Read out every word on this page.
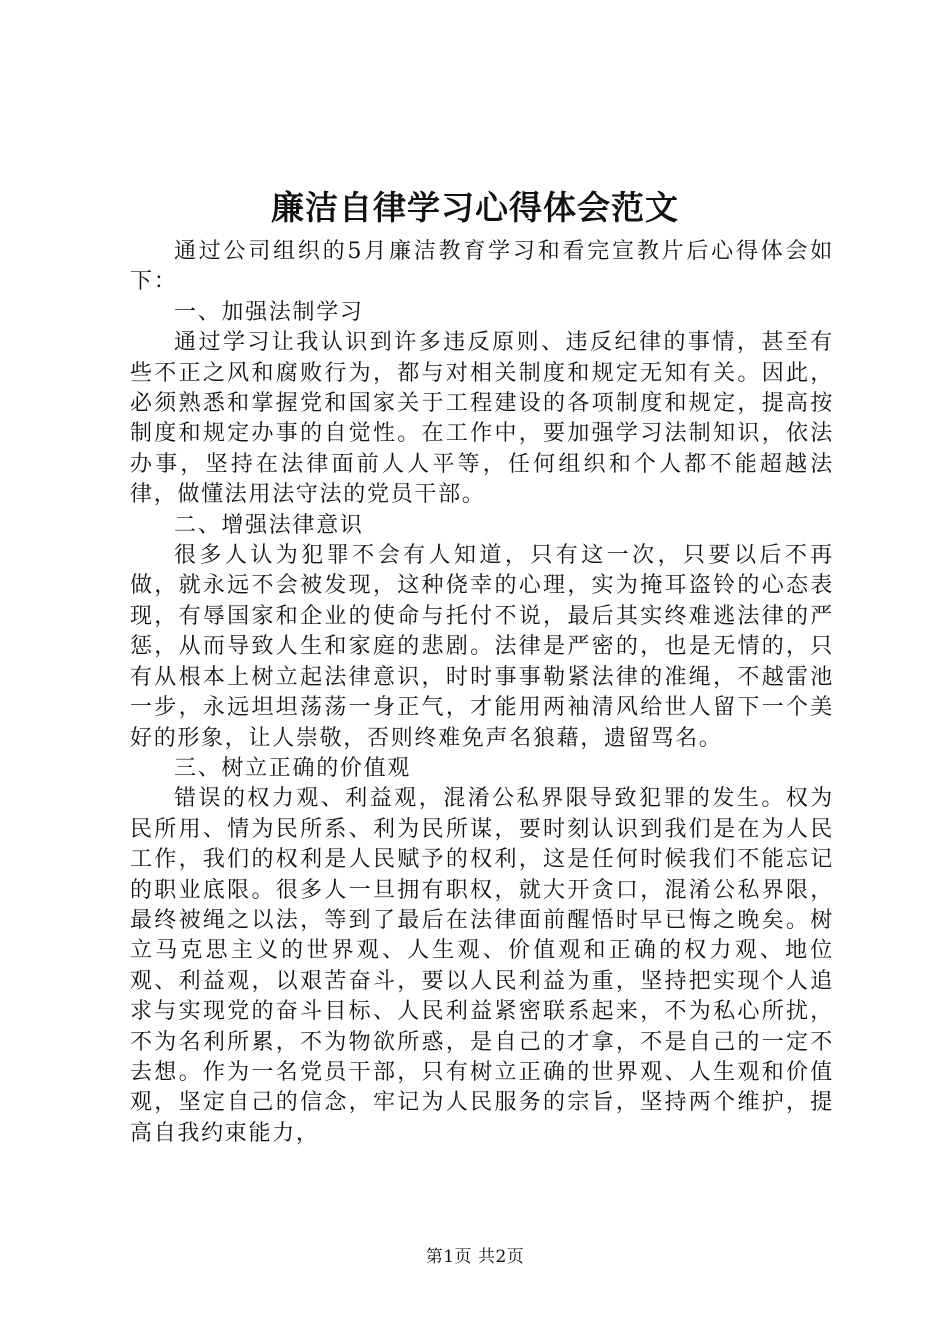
廉洁自律学习心得体会范文

通过公司组织的5月廉洁教育学习和看完宣教片后心得体会如下：

一、加强法制学习

通过学习让我认识到许多违反原则、违反纪律的事情，甚至有些不正之风和腐败行为，都与对相关制度和规定无知有关。因此，必须熟悉和掌握党和国家关于工程建设的各项制度和规定，提高按制度和规定办事的自觉性。在工作中，要加强学习法制知识，依法办事，坚持在法律面前人人平等，任何组织和个人都不能超越法律，做懂法用法守法的党员干部。

二、增强法律意识

很多人认为犯罪不会有人知道，只有这一次，只要以后不再做，就永远不会被发现，这种侥幸的心理，实为掩耳盗铃的心态表现，有辱国家和企业的使命与托付不说，最后其实终难逃法律的严惩，从而导致人生和家庭的悲剧。法律是严密的，也是无情的，只有从根本上树立起法律意识，时时事事勒紧法律的准绳，不越雷池一步，永远坦坦荡荡一身正气，才能用两袖清风给世人留下一个美好的形象，让人崇敬，否则终难免声名狼藉，遗留骂名。

三、树立正确的价值观

错误的权力观、利益观，混淆公私界限导致犯罪的发生。权为民所用、情为民所系、利为民所谋，要时刻认识到我们是在为人民工作，我们的权利是人民赋予的权利，这是任何时候我们不能忘记的职业底限。很多人一旦拥有职权，就大开贪口，混淆公私界限，最终被绳之以法，等到了最后在法律面前醒悟时早已悔之晚矣。树立马克思主义的世界观、人生观、价值观和正确的权力观、地位观、利益观，以艰苦奋斗，要以人民利益为重，坚持把实现个人追求与实现党的奋斗目标、人民利益紧密联系起来，不为私心所扰，不为名利所累，不为物欲所惑，是自己的才拿，不是自己的一定不去想。作为一名党员干部，只有树立正确的世界观、人生观和价值观，坚定自己的信念，牢记为人民服务的宗旨，坚持两个维护，提高自我约束能力，

第1页 共2页
